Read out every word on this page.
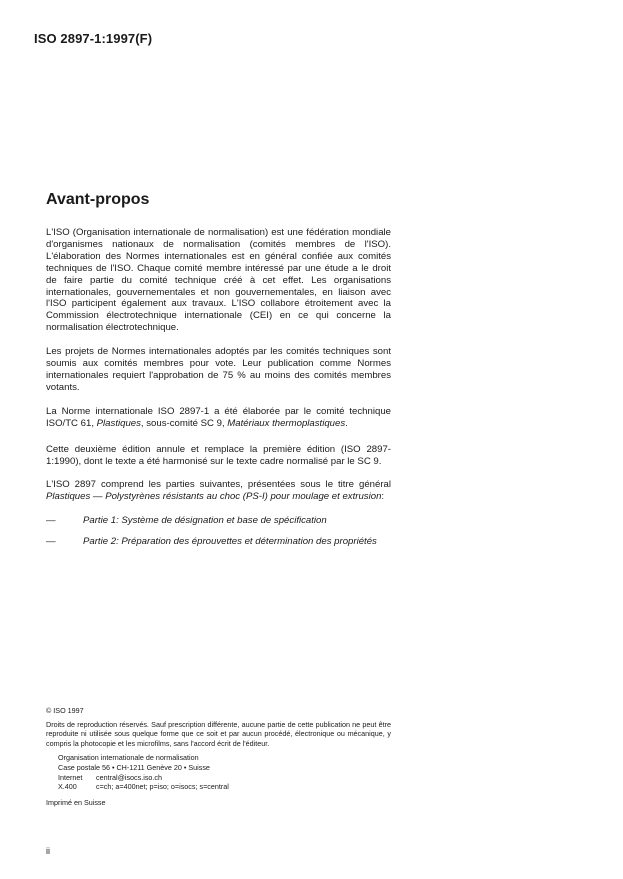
ISO 2897-1:1997(F)
Avant-propos

L'ISO (Organisation internationale de normalisation) est une fédération mondiale d'organismes nationaux de normalisation (comités membres de l'ISO). L'élaboration des Normes internationales est en général confiée aux comités techniques de l'ISO. Chaque comité membre intéressé par une étude a le droit de faire partie du comité technique créé à cet effet. Les organisations internationales, gouvernementales et non gouvernementales, en liaison avec l'ISO participent également aux travaux. L'ISO collabore étroitement avec la Commission électrotechnique internationale (CEI) en ce qui concerne la normalisation électrotechnique.

Les projets de Normes internationales adoptés par les comités techniques sont soumis aux comités membres pour vote. Leur publication comme Normes internationales requiert l'approbation de 75 % au moins des comités membres votants.

La Norme internationale ISO 2897-1 a été élaborée par le comité technique ISO/TC 61, Plastiques, sous-comité SC 9, Matériaux thermoplastiques.

Cette deuxième édition annule et remplace la première édition (ISO 2897-1:1990), dont le texte a été harmonisé sur le texte cadre normalisé par le SC 9.

L'ISO 2897 comprend les parties suivantes, présentées sous le titre général Plastiques — Polystyrènes résistants au choc (PS-I) pour moulage et extrusion:

—	Partie 1: Système de désignation et base de spécification
—	Partie 2: Préparation des éprouvettes et détermination des propriétés
© ISO 1997
Droits de reproduction réservés. Sauf prescription différente, aucune partie de cette publication ne peut être reproduite ni utilisée sous quelque forme que ce soit et par aucun procédé, électronique ou mécanique, y compris la photocopie et les microfilms, sans l'accord écrit de l'éditeur.
Organisation internationale de normalisation
Case postale 56 • CH-1211 Genève 20 • Suisse
Internet	central@isocs.iso.ch
X.400	c=ch; a=400net; p=iso; o=isocs; s=central
Imprimé en Suisse
ii
